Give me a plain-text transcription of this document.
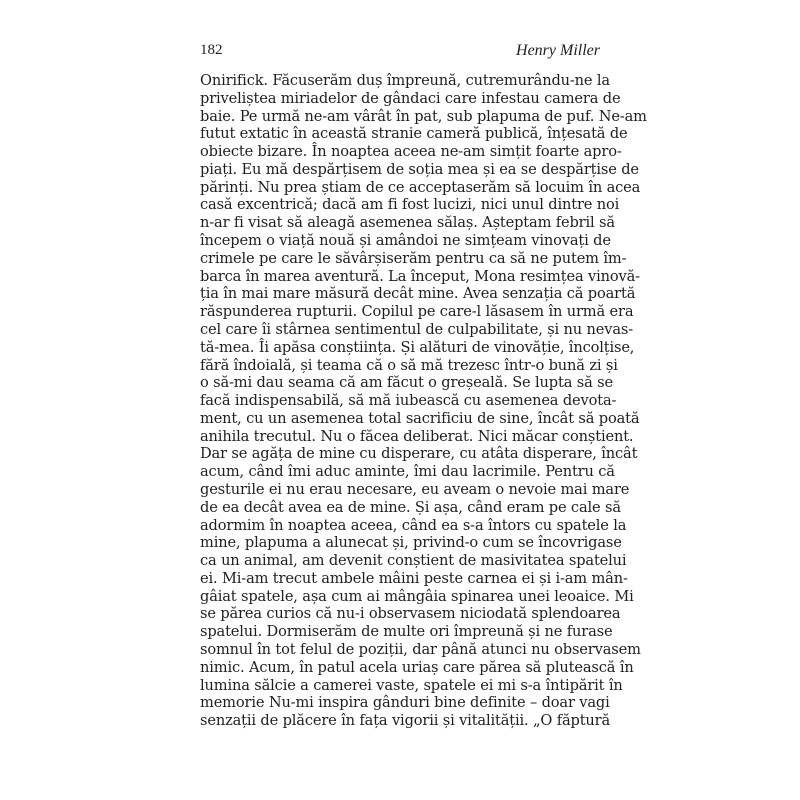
182	Henry Miller
Onirifick. Făcuserăm duș împreună, cutremurându-ne la
priveliștea miriadelor de gândaci care infestau camera de
baie. Pe urmă ne-am vârât în pat, sub plapuma de puf. Ne-am
futut extatic în această stranie cameră publică, înțesată de
obiecte bizare. În noaptea aceea ne-am simțit foarte apro-
piați. Eu mă despărțisem de soția mea și ea se despărțise de
părinți. Nu prea știam de ce acceptaserăm să locuim în acea
casă excentrică; dacă am fi fost lucizi, nici unul dintre noi
n-ar fi visat să aleagă asemenea sălaș. Așteptam febril să
începem o viață nouă și amândoi ne simțeam vinovați de
crimele pe care le săvârșiserăm pentru ca să ne putem îm-
barca în marea aventură. La început, Mona resimțea vinovă-
ția în mai mare măsură decât mine. Avea senzația că poartă
răspunderea rupturii. Copilul pe care-l lăsasem în urmă era
cel care îi stârnea sentimentul de culpabilitate, și nu nevas-
tă-mea. Îi apăsa conștiința. Și alături de vinovăție, încolțise,
fără îndoială, și teama că o să mă trezesc într-o bună zi și
o să-mi dau seama că am făcut o greșeală. Se lupta să se
facă indispensabilă, să mă iubească cu asemenea devota-
ment, cu un asemenea total sacrificiu de sine, încât să poată
anihila trecutul. Nu o făcea deliberat. Nici măcar conștient.
Dar se agăța de mine cu disperare, cu atâta disperare, încât
acum, când îmi aduc aminte, îmi dau lacrimile. Pentru că
gesturile ei nu erau necesare, eu aveam o nevoie mai mare
de ea decât avea ea de mine. Și așa, când eram pe cale să
adormim în noaptea aceea, când ea s-a întors cu spatele la
mine, plapuma a alunecat și, privind-o cum se încovrigase
ca un animal, am devenit conștient de masivitatea spatelui
ei. Mi-am trecut ambele mâini peste carnea ei și i-am mân-
gâiat spatele, așa cum ai mângâia spinarea unei leoaice. Mi
se părea curios că nu-i observasem niciodată splendoarea
spatelui. Dormiserăm de multe ori împreună și ne furase
somnul în tot felul de poziții, dar până atunci nu observasem
nimic. Acum, în patul acela uriaș care părea să plutească în
lumina sălcie a camerei vaste, spatele ei mi s-a întipărit în
memorie Nu-mi inspira gânduri bine definite – doar vagi
senzații de plăcere în fața vigorii și vitalității. „O făptură
